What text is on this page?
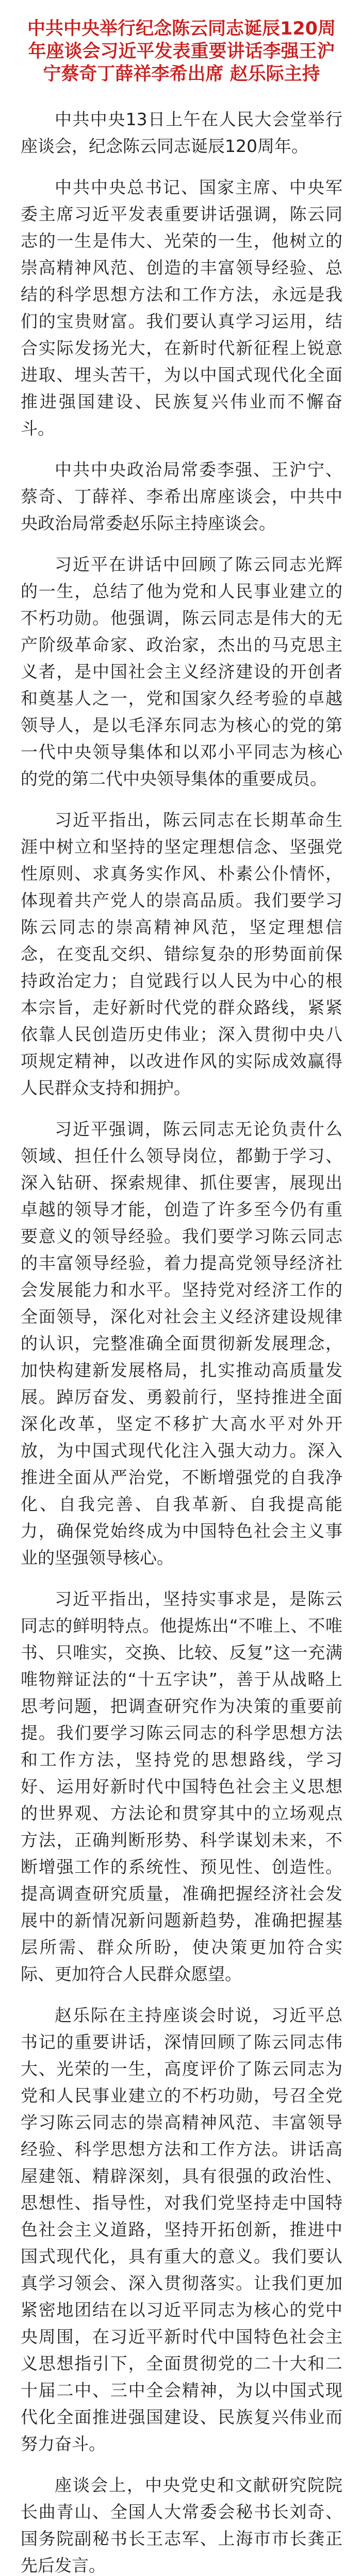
中共中央举行纪念陈云同志诞辰120周年座谈会习近平发表重要讲话李强王沪宁蔡奇丁薛祥李希出席 赵乐际主持

中共中央13日上午在人民大会堂举行座谈会，纪念陈云同志诞辰120周年。

中共中央总书记、国家主席、中央军委主席习近平发表重要讲话强调，陈云同志的一生是伟大、光荣的一生，他树立的崇高精神风范、创造的丰富领导经验、总结的科学思想方法和工作方法，永远是我们的宝贵财富。我们要认真学习运用，结合实际发扬光大，在新时代新征程上锐意进取、埋头苦干，为以中国式现代化全面推进强国建设、民族复兴伟业而不懈奋斗。

中共中央政治局常委李强、王沪宁、蔡奇、丁薛祥、李希出席座谈会，中共中央政治局常委赵乐际主持座谈会。

习近平在讲话中回顾了陈云同志光辉的一生，总结了他为党和人民事业建立的不朽功勋。他强调，陈云同志是伟大的无产阶级革命家、政治家，杰出的马克思主义者，是中国社会主义经济建设的开创者和奠基人之一，党和国家久经考验的卓越领导人，是以毛泽东同志为核心的党的第一代中央领导集体和以邓小平同志为核心的党的第二代中央领导集体的重要成员。

习近平指出，陈云同志在长期革命生涯中树立和坚持的坚定理想信念、坚强党性原则、求真务实作风、朴素公仆情怀，体现着共产党人的崇高品质。我们要学习陈云同志的崇高精神风范，坚定理想信念，在变乱交织、错综复杂的形势面前保持政治定力；自觉践行以人民为中心的根本宗旨，走好新时代党的群众路线，紧紧依靠人民创造历史伟业；深入贯彻中央八项规定精神，以改进作风的实际成效赢得人民群众支持和拥护。

习近平强调，陈云同志无论负责什么领域、担任什么领导岗位，都勤于学习、深入钻研、探索规律、抓住要害，展现出卓越的领导才能，创造了许多至今仍有重要意义的领导经验。我们要学习陈云同志的丰富领导经验，着力提高党领导经济社会发展能力和水平。坚持党对经济工作的全面领导，深化对社会主义经济建设规律的认识，完整准确全面贯彻新发展理念，加快构建新发展格局，扎实推动高质量发展。踔厉奋发、勇毅前行，坚持推进全面深化改革，坚定不移扩大高水平对外开放，为中国式现代化注入强大动力。深入推进全面从严治党，不断增强党的自我净化、自我完善、自我革新、自我提高能力，确保党始终成为中国特色社会主义事业的坚强领导核心。

习近平指出，坚持实事求是，是陈云同志的鲜明特点。他提炼出“不唯上、不唯书、只唯实，交换、比较、反复”这一充满唯物辩证法的“十五字诀”，善于从战略上思考问题，把调查研究作为决策的重要前提。我们要学习陈云同志的科学思想方法和工作方法，坚持党的思想路线，学习好、运用好新时代中国特色社会主义思想的世界观、方法论和贯穿其中的立场观点方法，正确判断形势、科学谋划未来，不断增强工作的系统性、预见性、创造性。提高调查研究质量，准确把握经济社会发展中的新情况新问题新趋势，准确把握基层所需、群众所盼，使决策更加符合实际、更加符合人民群众愿望。

赵乐际在主持座谈会时说，习近平总书记的重要讲话，深情回顾了陈云同志伟大、光荣的一生，高度评价了陈云同志为党和人民事业建立的不朽功勋，号召全党学习陈云同志的崇高精神风范、丰富领导经验、科学思想方法和工作方法。讲话高屋建瓴、精辟深刻，具有很强的政治性、思想性、指导性，对我们党坚持走中国特色社会主义道路，坚持开拓创新，推进中国式现代化，具有重大的意义。我们要认真学习领会、深入贯彻落实。让我们更加紧密地团结在以习近平同志为核心的党中央周围，在习近平新时代中国特色社会主义思想指引下，全面贯彻党的二十大和二十届二中、三中全会精神，为以中国式现代化全面推进强国建设、民族复兴伟业而努力奋斗。

座谈会上，中央党史和文献研究院院长曲青山、全国人大常委会秘书长刘奇、国务院副秘书长王志军、上海市市长龚正先后发言。
